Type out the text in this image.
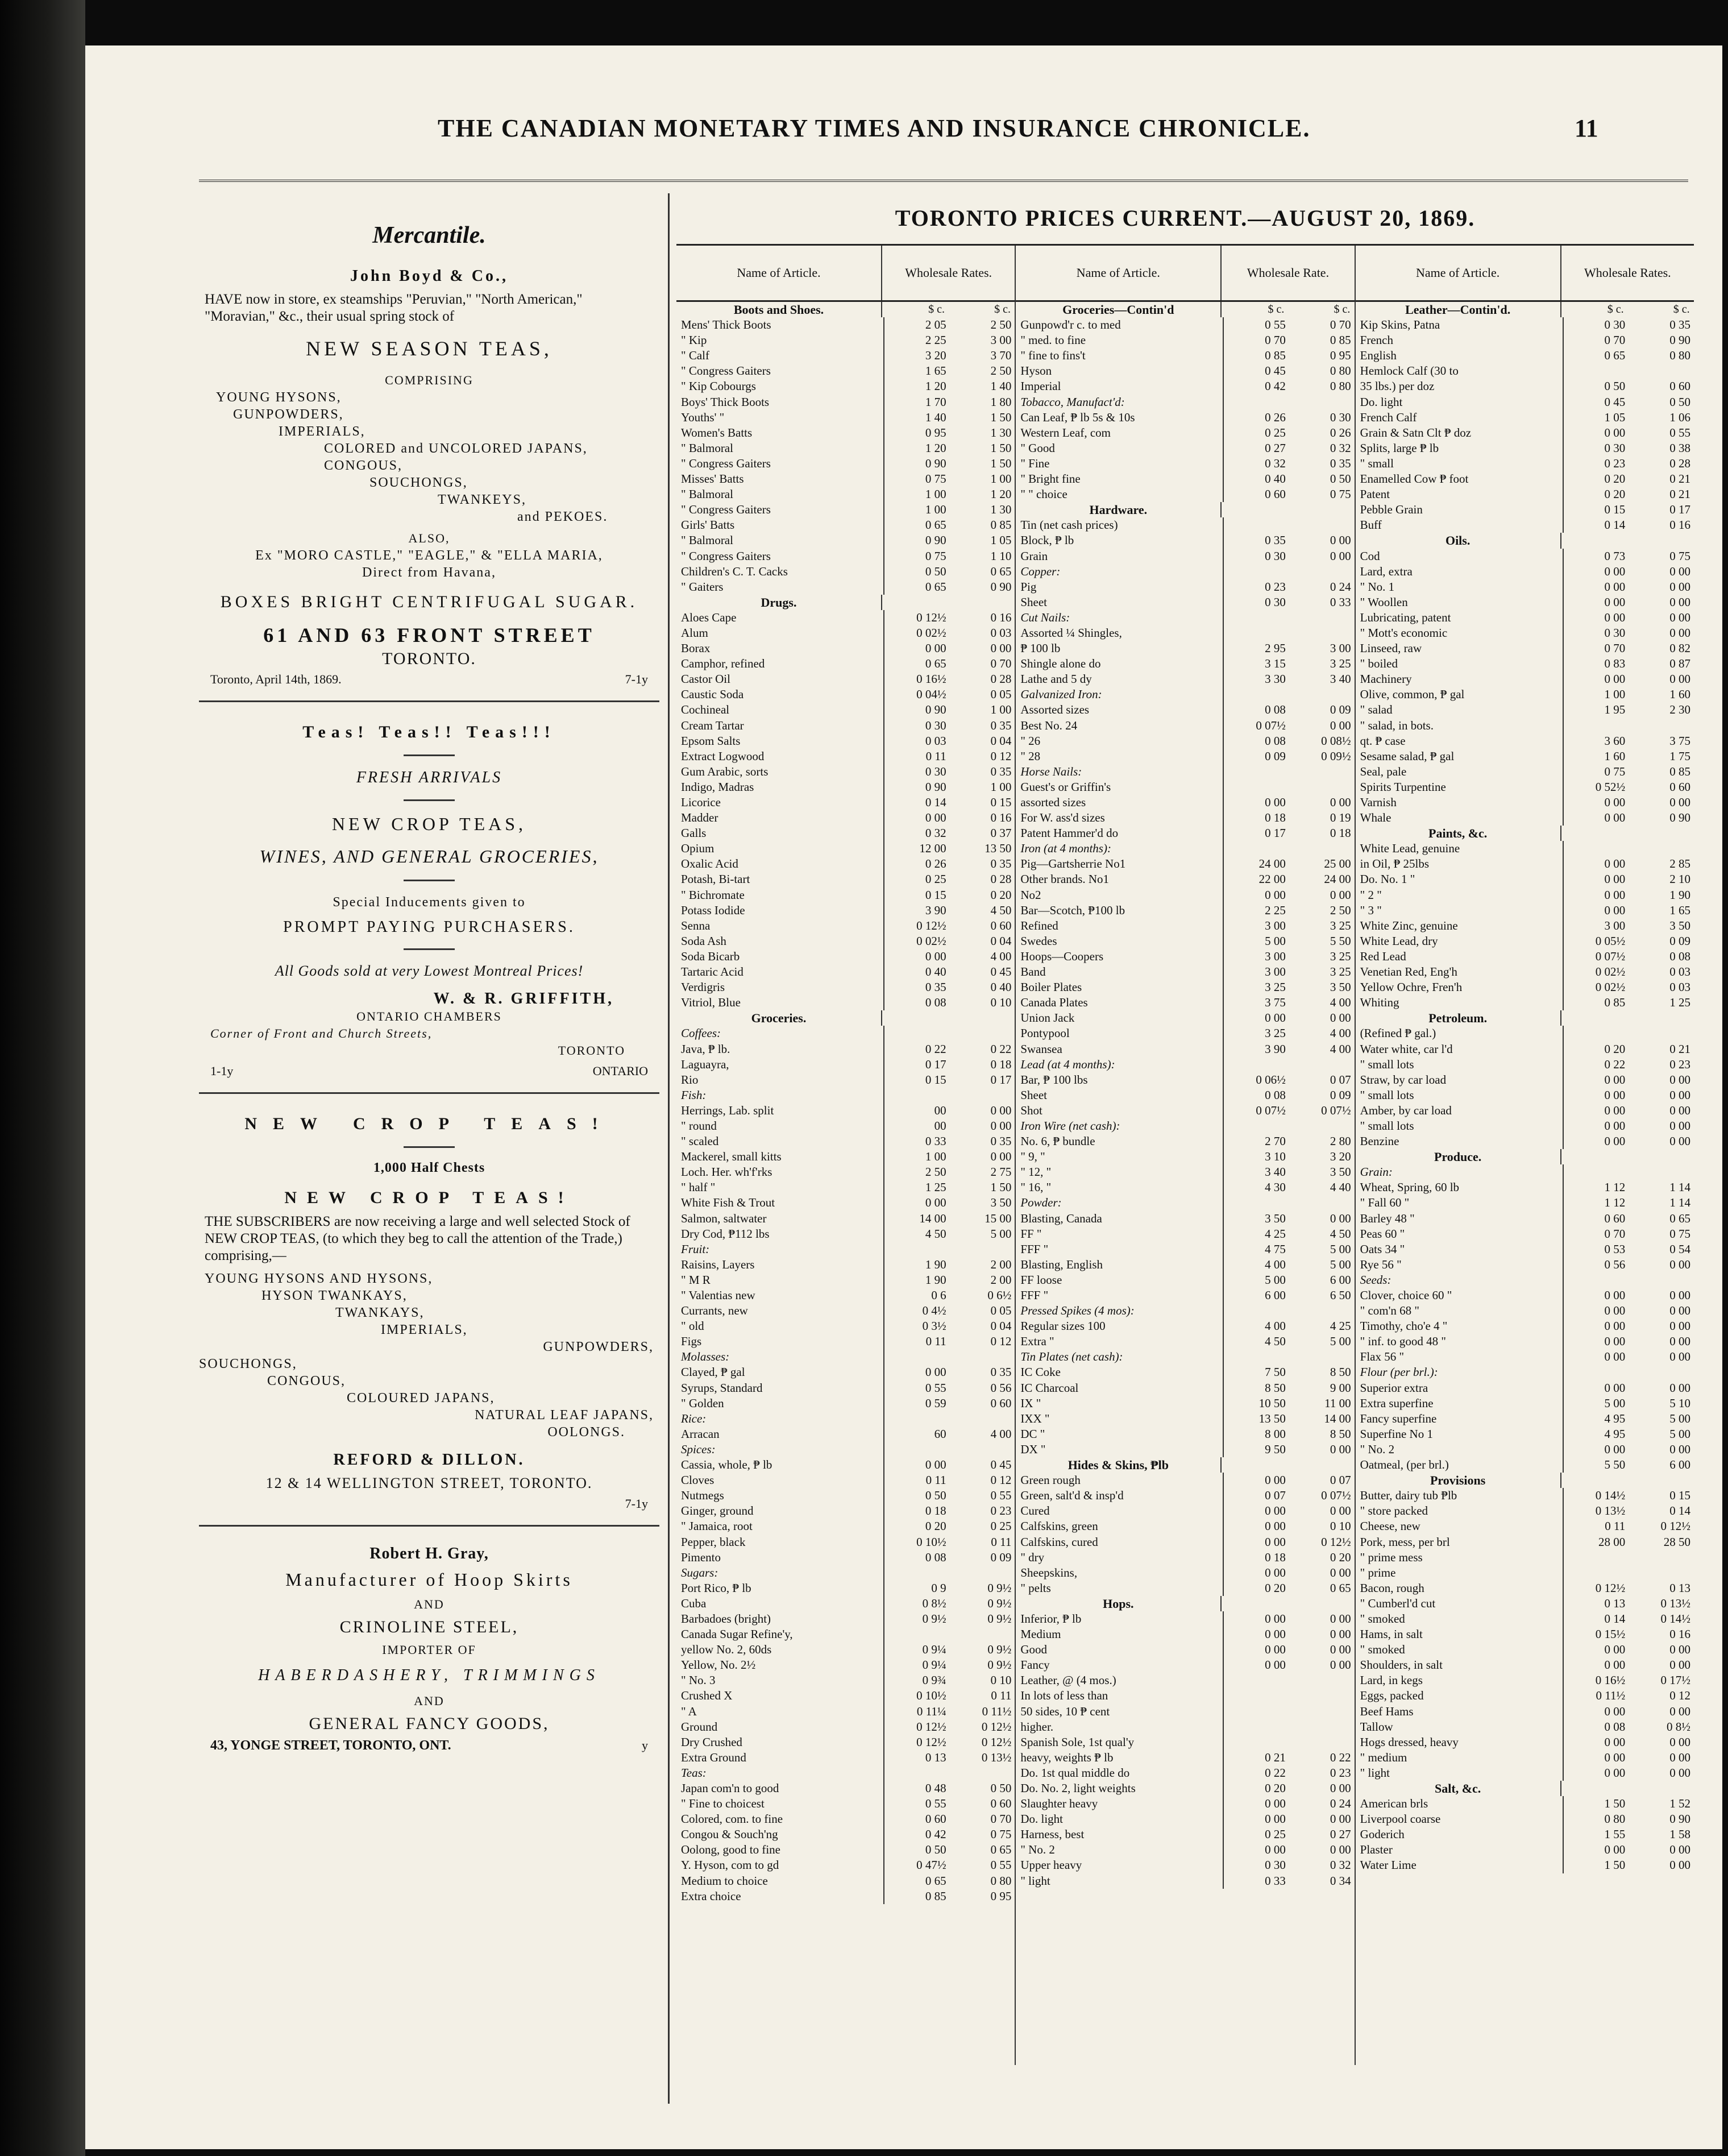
THE CANADIAN MONETARY TIMES AND INSURANCE CHRONICLE.	11
Mercantile.
John Boyd & Co.,
HAVE now in store, ex steamships "Peruvian," "North American," "Moravian," &c., their usual spring stock of
NEW SEASON TEAS,
COMPRISING
YOUNG HYSONS,
GUNPOWDERS,
IMPERIALS,
COLORED and UNCOLORED JAPANS,
CONGOUS,
SOUCHONGS,
TWANKEYS,
and PEKOES.
ALSO,
Ex "MORO CASTLE," "EAGLE," & "ELLA MARIA,
Direct from Havana,
BOXES BRIGHT CENTRIFUGAL SUGAR.
61 AND 63 FRONT STREET
TORONTO.
Toronto, April 14th, 1869.	7-1y
Teas! Teas!! Teas!!!
FRESH ARRIVALS
NEW CROP TEAS,
WINES, AND GENERAL GROCERIES,
Special Inducements given to
PROMPT PAYING PURCHASERS.
All Goods sold at very Lowest Montreal Prices!
W. & R. GRIFFITH,
ONTARIO CHAMBERS
Corner of Front and Church Streets,
TORONTO
1-1y	ONTARIO
NEW CROP TEAS!
1,000 Half Chests
NEW CROP TEAS!
THE SUBSCRIBERS are now receiving a large and well selected Stock of NEW CROP TEAS, (to which they beg to call the attention of the Trade,) comprising,—
YOUNG HYSONS AND HYSONS,
HYSON TWANKAYS,
TWANKAYS,
IMPERIALS,
GUNPOWDERS,
SOUCHONGS,
CONGOUS,
COLOURED JAPANS,
NATURAL LEAF JAPANS,
OOLONGS.
REFORD & DILLON.
12 & 14 WELLINGTON STREET, TORONTO.
7-1y
Robert H. Gray,
Manufacturer of Hoop Skirts
AND
CRINOLINE STEEL,
IMPORTER OF
HABERDASHERY, TRIMMINGS
AND
GENERAL FANCY GOODS,
43, YONGE STREET, TORONTO, ONT.	y
TORONTO PRICES CURRENT.—AUGUST 20, 1869.
Name of Article.	Wholesale Rates.
Boots and Shoes.	$ c.	$ c.
Mens' Thick Boots	2 05	2 50
" Kip	2 25	3 00
" Calf	3 20	3 70
" Congress Gaiters	1 65	2 50
" Kip Cobourgs	1 20	1 40
Boys' Thick Boots	1 70	1 80
Youths' "	1 40	1 50
Women's Batts	0 95	1 30
" Balmoral	1 20	1 50
" Congress Gaiters	0 90	1 50
Misses' Batts	0 75	1 00
" Balmoral	1 00	1 20
" Congress Gaiters	1 00	1 30
Girls' Batts	0 65	0 85
" Balmoral	0 90	1 05
" Congress Gaiters	0 75	1 10
Children's C. T. Cacks	0 50	0 65
" Gaiters	0 65	0 90
Drugs.
Aloes Cape	0 12½	0 16
Alum	0 02½	0 03
Borax	0 00	0 00
Camphor, refined	0 65	0 70
Castor Oil	0 16½	0 28
Caustic Soda	0 04½	0 05
Cochineal	0 90	1 00
Cream Tartar	0 30	0 35
Epsom Salts	0 03	0 04
Extract Logwood	0 11	0 12
Gum Arabic, sorts	0 30	0 35
Indigo, Madras	0 90	1 00
Licorice	0 14	0 15
Madder	0 00	0 16
Galls	0 32	0 37
Opium	12 00	13 50
Oxalic Acid	0 26	0 35
Potash, Bi-tart	0 25	0 28
" Bichromate	0 15	0 20
Potass Iodide	3 90	4 50
Senna	0 12½	0 60
Soda Ash	0 02½	0 04
Soda Bicarb	0 00	4 00
Tartaric Acid	0 40	0 45
Verdigris	0 35	0 40
Vitriol, Blue	0 08	0 10
Groceries.
Coffees:
Java, ₱ lb.	0 22	0 22
Laguayra,	0 17	0 18
Rio	0 15	0 17
Fish:
Herrings, Lab. split	00	0 00
" round	00	0 00
" scaled	0 33	0 35
Mackerel, small kitts	1 00	0 00
Loch. Her. wh'f'rks	2 50	2 75
" half "	1 25	1 50
White Fish & Trout	0 00	3 50
Salmon, saltwater	14 00	15 00
Dry Cod, ₱112 lbs	4 50	5 00
Fruit:
Raisins, Layers	1 90	2 00
" M R	1 90	2 00
" Valentias new	0 6	0 6½
Currants, new	0 4½	0 05
" old	0 3½	0 04
Figs	0 11	0 12
Molasses:
Clayed, ₱ gal	0 00	0 35
Syrups, Standard	0 55	0 56
" Golden	0 59	0 60
Rice:
Arracan	60	4 00
Spices:
Cassia, whole, ₱ lb	0 00	0 45
Cloves	0 11	0 12
Nutmegs	0 50	0 55
Ginger, ground	0 18	0 23
" Jamaica, root	0 20	0 25
Pepper, black	0 10½	0 11
Pimento	0 08	0 09
Sugars:
Port Rico, ₱ lb	0 9	0 9½
Cuba	0 8½	0 9½
Barbadoes (bright)	0 9½	0 9½
Canada Sugar Refine'y,
yellow No. 2, 60ds	0 9¼	0 9½
Yellow, No. 2½	0 9¼	0 9½
" No. 3	0 9¾	0 10
Crushed X	0 10½	0 11
" A	0 11¼	0 11½
Ground	0 12½	0 12½
Dry Crushed	0 12½	0 12½
Extra Ground	0 13	0 13½
Teas:
Japan com'n to good	0 48	0 50
" Fine to choicest	0 55	0 60
Colored, com. to fine	0 60	0 70
Congou & Souch'ng	0 42	0 75
Oolong, good to fine	0 50	0 65
Y. Hyson, com to gd	0 47½	0 55
Medium to choice	0 65	0 80
Extra choice	0 85	0 95
Name of Article.	Wholesale Rate.
Groceries—Contin'd	$ c.	$ c.
Gunpowd'r c. to med	0 55	0 70
" med. to fine	0 70	0 85
" fine to fins't	0 85	0 95
Hyson	0 45	0 80
Imperial	0 42	0 80
Tobacco, Manufact'd:
Can Leaf, ₱ lb 5s & 10s	0 26	0 30
Western Leaf, com	0 25	0 26
" Good	0 27	0 32
" Fine	0 32	0 35
" Bright fine	0 40	0 50
" " choice	0 60	0 75
Hardware.
Tin (net cash prices)
Block, ₱ lb	0 35	0 00
Grain	0 30	0 00
Copper:
Pig	0 23	0 24
Sheet	0 30	0 33
Cut Nails:
Assorted ¼ Shingles,
₱ 100 lb	2 95	3 00
Shingle alone do	3 15	3 25
Lathe and 5 dy	3 30	3 40
Galvanized Iron:
Assorted sizes	0 08	0 09
Best No. 24	0 07½	0 00
" 26	0 08	0 08½
" 28	0 09	0 09½
Horse Nails:
Guest's or Griffin's
assorted sizes	0 00	0 00
For W. ass'd sizes	0 18	0 19
Patent Hammer'd do	0 17	0 18
Iron (at 4 months):
Pig—Gartsherrie No1	24 00	25 00
Other brands. No1	22 00	24 00
No2	0 00	0 00
Bar—Scotch, ₱100 lb	2 25	2 50
Refined	3 00	3 25
Swedes	5 00	5 50
Hoops—Coopers	3 00	3 25
Band	3 00	3 25
Boiler Plates	3 25	3 50
Canada Plates	3 75	4 00
Union Jack	0 00	0 00
Pontypool	3 25	4 00
Swansea	3 90	4 00
Lead (at 4 months):
Bar, ₱ 100 lbs	0 06½	0 07
Sheet	0 08	0 09
Shot	0 07½	0 07½
Iron Wire (net cash):
No. 6, ₱ bundle	2 70	2 80
" 9, "	3 10	3 20
" 12, "	3 40	3 50
" 16, "	4 30	4 40
Powder:
Blasting, Canada	3 50	0 00
FF "	4 25	4 50
FFF "	4 75	5 00
Blasting, English	4 00	5 00
FF loose	5 00	6 00
FFF "	6 00	6 50
Pressed Spikes (4 mos):
Regular sizes 100	4 00	4 25
Extra "	4 50	5 00
Tin Plates (net cash):
IC Coke	7 50	8 50
IC Charcoal	8 50	9 00
IX "	10 50	11 00
IXX "	13 50	14 00
DC "	8 00	8 50
DX "	9 50	0 00
Hides & Skins, ₱lb
Green rough	0 00	0 07
Green, salt'd & insp'd	0 07	0 07½
Cured	0 00	0 00
Calfskins, green	0 00	0 10
Calfskins, cured	0 00	0 12½
" dry	0 18	0 20
Sheepskins,	0 00	0 00
" pelts	0 20	0 65
Hops.
Inferior, ₱ lb	0 00	0 00
Medium	0 00	0 00
Good	0 00	0 00
Fancy	0 00	0 00
Leather, @ (4 mos.)
In lots of less than
50 sides, 10 ₱ cent
higher.
Spanish Sole, 1st qual'y
heavy, weights ₱ lb	0 21	0 22
Do. 1st qual middle do	0 22	0 23
Do. No. 2, light weights	0 20	0 00
Slaughter heavy	0 00	0 24
Do. light	0 00	0 00
Harness, best	0 25	0 27
" No. 2	0 00	0 00
Upper heavy	0 30	0 32
" light	0 33	0 34
Name of Article.	Wholesale Rates.
Leather—Contin'd.	$ c.	$ c.
Kip Skins, Patna	0 30	0 35
French	0 70	0 90
English	0 65	0 80
Hemlock Calf (30 to
35 lbs.) per doz	0 50	0 60
Do. light	0 45	0 50
French Calf	1 05	1 06
Grain & Satn Clt ₱ doz	0 00	0 55
Splits, large ₱ lb	0 30	0 38
" small	0 23	0 28
Enamelled Cow ₱ foot	0 20	0 21
Patent	0 20	0 21
Pebble Grain	0 15	0 17
Buff	0 14	0 16
Oils.
Cod	0 73	0 75
Lard, extra	0 00	0 00
" No. 1	0 00	0 00
" Woollen	0 00	0 00
Lubricating, patent	0 00	0 00
" Mott's economic	0 30	0 00
Linseed, raw	0 70	0 82
" boiled	0 83	0 87
Machinery	0 00	0 00
Olive, common, ₱ gal	1 00	1 60
" salad	1 95	2 30
" salad, in bots.
qt. ₱ case	3 60	3 75
Sesame salad, ₱ gal	1 60	1 75
Seal, pale	0 75	0 85
Spirits Turpentine	0 52½	0 60
Varnish	0 00	0 00
Whale	0 00	0 90
Paints, &c.
White Lead, genuine
in Oil, ₱ 25lbs	0 00	2 85
Do. No. 1 "	0 00	2 10
" 2 "	0 00	1 90
" 3 "	0 00	1 65
White Zinc, genuine	3 00	3 50
White Lead, dry	0 05½	0 09
Red Lead	0 07½	0 08
Venetian Red, Eng'h	0 02½	0 03
Yellow Ochre, Fren'h	0 02½	0 03
Whiting	0 85	1 25
Petroleum.
(Refined ₱ gal.)
Water white, car l'd	0 20	0 21
" small lots	0 22	0 23
Straw, by car load	0 00	0 00
" small lots	0 00	0 00
Amber, by car load	0 00	0 00
" small lots	0 00	0 00
Benzine	0 00	0 00
Produce.
Grain:
Wheat, Spring, 60 lb	1 12	1 14
" Fall 60 "	1 12	1 14
Barley 48 "	0 60	0 65
Peas 60 "	0 70	0 75
Oats 34 "	0 53	0 54
Rye 56 "	0 56	0 00
Seeds:
Clover, choice 60 "	0 00	0 00
" com'n 68 "	0 00	0 00
Timothy, cho'e 4 "	0 00	0 00
" inf. to good 48 "	0 00	0 00
Flax 56 "	0 00	0 00
Flour (per brl.):
Superior extra	0 00	0 00
Extra superfine	5 00	5 10
Fancy superfine	4 95	5 00
Superfine No 1	4 95	5 00
" No. 2	0 00	0 00
Oatmeal, (per brl.)	5 50	6 00
Provisions
Butter, dairy tub ₱lb	0 14½	0 15
" store packed	0 13½	0 14
Cheese, new	0 11	0 12½
Pork, mess, per brl	28 00	28 50
" prime mess
" prime
Bacon, rough	0 12½	0 13
" Cumberl'd cut	0 13	0 13½
" smoked	0 14	0 14½
Hams, in salt	0 15½	0 16
" smoked	0 00	0 00
Shoulders, in salt	0 00	0 00
Lard, in kegs	0 16½	0 17½
Eggs, packed	0 11½	0 12
Beef Hams	0 00	0 00
Tallow	0 08	0 8½
Hogs dressed, heavy	0 00	0 00
" medium	0 00	0 00
" light	0 00	0 00
Salt, &c.
American brls	1 50	1 52
Liverpool coarse	0 80	0 90
Goderich	1 55	1 58
Plaster	0 00	0 00
Water Lime	1 50	0 00
